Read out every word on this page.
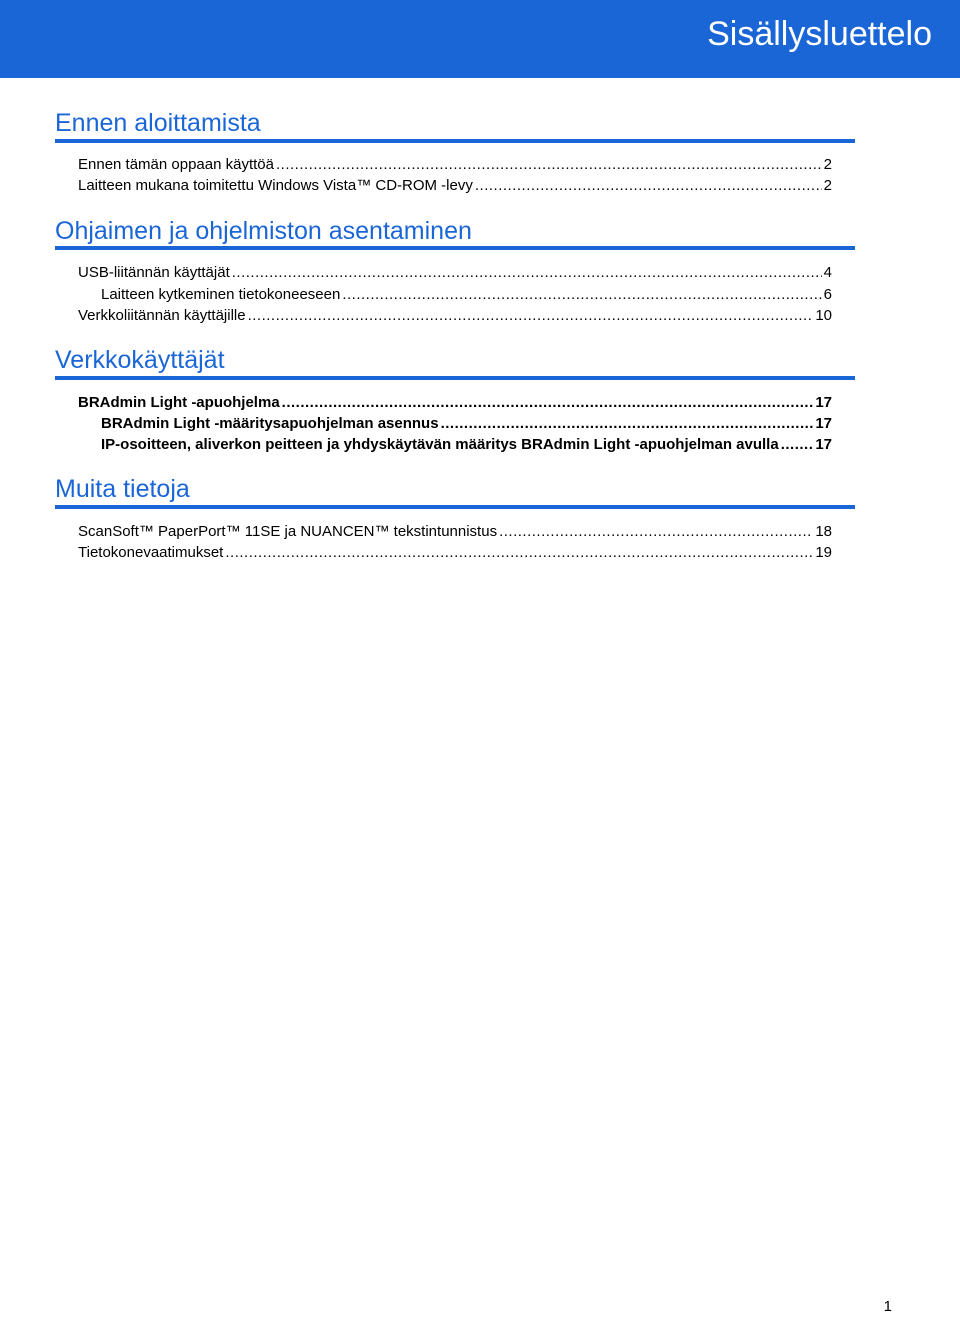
Sisällysluettelo
Ennen aloittamista
Ennen tämän oppaan käyttöä .....	2
Laitteen mukana toimitettu Windows Vista™ CD-ROM -levy .....	2
Ohjaimen ja ohjelmiston asentaminen
USB-liitännän käyttäjät .....	4
Laitteen kytkeminen tietokoneeseen .....	6
Verkkoliitännän käyttäjille .....	10
Verkkokäyttäjät
BRAdmin Light -apuohjelma .....	17
BRAdmin Light -määritysapuohjelman asennus .....	17
IP-osoitteen, aliverkon peitteen ja yhdyskäytävän määritys BRAdmin Light -apuohjelman avulla ..... 17
Muita tietoja
ScanSoft™ PaperPort™ 11SE ja NUANCEN™ tekstintunnistus .....	18
Tietokonevaatimukset .....	19
1
